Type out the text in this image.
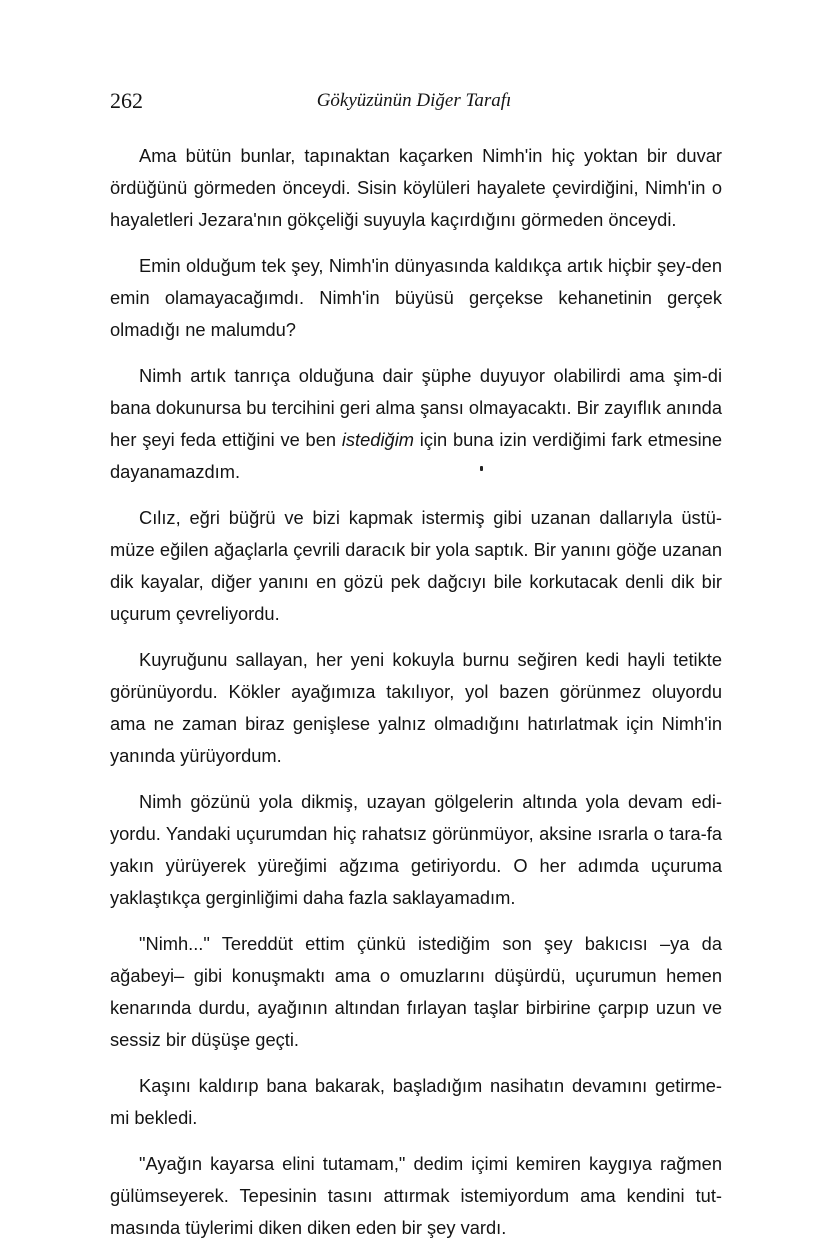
262	Gökyüzünün Diğer Tarafı

Ama bütün bunlar, tapınaktan kaçarken Nimh'in hiç yoktan bir duvar ördüğünü görmeden önceydi. Sisin köylüleri hayalete çevirdiğini, Nimh'in o hayaletleri Jezara'nın gökçeliği suyuyla kaçırdığını görmeden önceydi.

Emin olduğum tek şey, Nimh'in dünyasında kaldıkça artık hiçbir şey-den emin olamayacağımdı. Nimh'in büyüsü gerçekse kehanetinin gerçek olmadığı ne malumdu?

Nimh artık tanrıça olduğuna dair şüphe duyuyor olabilirdi ama şim-di bana dokunursa bu tercihini geri alma şansı olmayacaktı. Bir zayıflık anında her şeyi feda ettiğini ve ben istediğim için buna izin verdiğimi fark etmesine dayanamazdım.

Cılız, eğri büğrü ve bizi kapmak istermiş gibi uzanan dallarıyla üstü-müze eğilen ağaçlarla çevrili daracık bir yola saptık. Bir yanını göğe uzanan dik kayalar, diğer yanını en gözü pek dağcıyı bile korkutacak denli dik bir uçurum çevreliyordu.

Kuyruğunu sallayan, her yeni kokuyla burnu seğiren kedi hayli tetikte görünüyordu. Kökler ayağımıza takılıyor, yol bazen görünmez oluyordu ama ne zaman biraz genişlese yalnız olmadığını hatırlatmak için Nimh'in yanında yürüyordum.

Nimh gözünü yola dikmiş, uzayan gölgelerin altında yola devam edi-yordu. Yandaki uçurumdan hiç rahatsız görünmüyor, aksine ısrarla o tara-fa yakın yürüyerek yüreğimi ağzıma getiriyordu. O her adımda uçuruma yaklaştıkça gerginliğimi daha fazla saklayamadım.

"Nimh..." Tereddüt ettim çünkü istediğim son şey bakıcısı –ya da ağabeyi– gibi konuşmaktı ama o omuzlarını düşürdü, uçurumun hemen kenarında durdu, ayağının altından fırlayan taşlar birbirine çarpıp uzun ve sessiz bir düşüşe geçti.

Kaşını kaldırıp bana bakarak, başladığım nasihatın devamını getirme-mi bekledi.

"Ayağın kayarsa elini tutamam," dedim içimi kemiren kaygıya rağmen gülümseyerek. Tepesinin tasını attırmak istemiyordum ama kendini tut-masında tüylerimi diken diken eden bir şey vardı.
